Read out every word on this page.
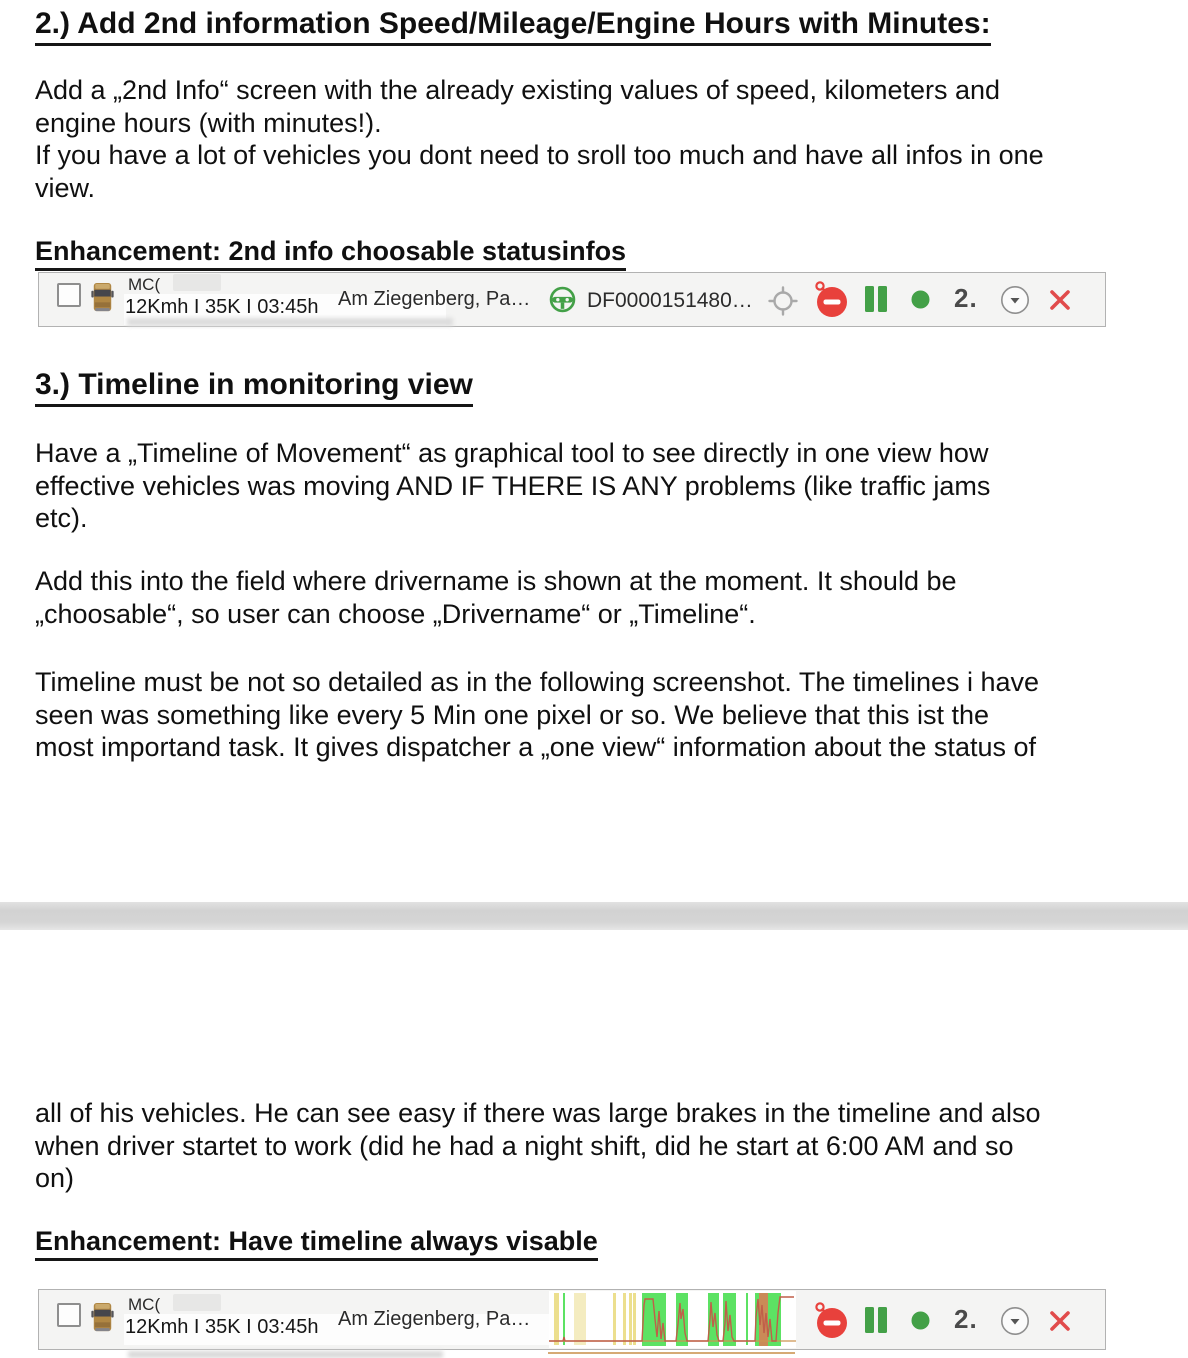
2.) Add 2nd information Speed/Mileage/Engine Hours with Minutes:
Add a „2nd Info“ screen with the already existing values of speed, kilometers and
engine hours (with minutes!).
If you have a lot of vehicles you dont need to sroll too much and have all infos in one
view.
Enhancement: 2nd info choosable statusinfos
MC(
12Kmh I 35K I 03:45h Am Ziegenberg, Pa…	DF0000151480…	2.
3.) Timeline in monitoring view
Have a „Timeline of Movement“ as graphical tool to see directly in one view how
effective vehicles was moving AND IF THERE IS ANY problems (like traffic jams
etc).
Add this into the field where drivername is shown at the moment. It should be
„choosable“, so user can choose „Drivername“ or „Timeline“.
Timeline must be not so detailed as in the following screenshot. The timelines i have
seen was something like every 5 Min one pixel or so. We believe that this ist the
most importand task. It gives dispatcher a „one view“ information about the status of
all of his vehicles. He can see easy if there was large brakes in the timeline and also
when driver startet to work (did he had a night shift, did he start at 6:00 AM and so
on)
Enhancement: Have timeline always visable
MC(
12Kmh I 35K I 03:45h Am Ziegenberg, Pa…	2.
